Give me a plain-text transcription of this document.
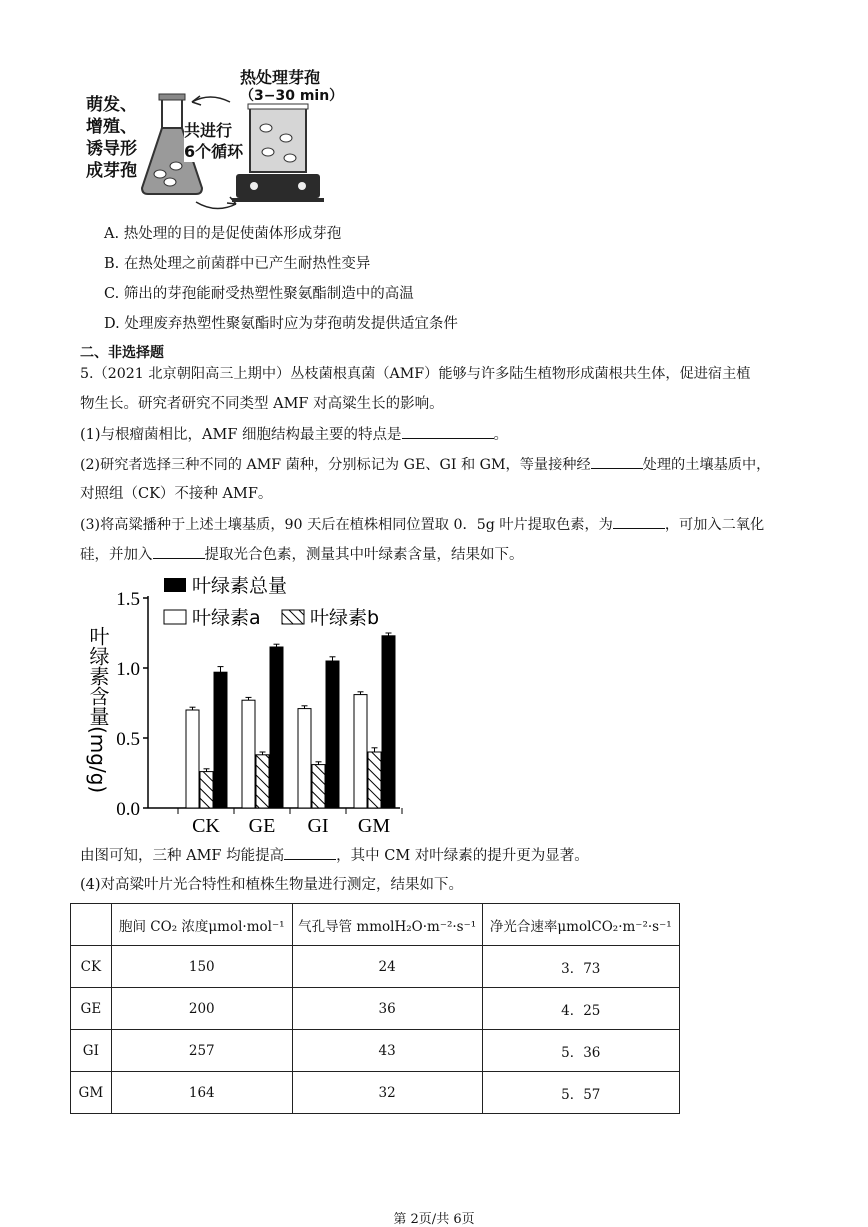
萌发、
增殖、
诱导形
成芽孢
热处理芽孢
（3−30 min）
共进行
6个循环
A. 热处理的目的是促使菌体形成芽孢
B. 在热处理之前菌群中已产生耐热性变异
C. 筛出的芽孢能耐受热塑性聚氨酯制造中的高温
D. 处理废弃热塑性聚氨酯时应为芽孢萌发提供适宜条件
二、非选择题
5.（2021 北京朝阳高三上期中）丛枝菌根真菌（AMF）能够与许多陆生植物形成菌根共生体，促进宿主植
物生长。研究者研究不同类型 AMF 对高粱生长的影响。
(1)与根瘤菌相比，AMF 细胞结构最主要的特点是	。
(2)研究者选择三种不同的 AMF 菌种，分别标记为 GE、GI 和 GM，等量接种经	处理的土壤基质中，
对照组（CK）不接种 AMF。
(3)将高粱播种于上述土壤基质，90 天后在植株相同位置取 0．5g 叶片提取色素，为	，可加入二氧化
硅，并加入	提取光合色素，测量其中叶绿素含量，结果如下。
0.0
0.5
1.0
1.5
叶绿素含量(mg/g)
CK GE GI GM
叶绿素总量
叶绿素a	叶绿素b
由图可知，三种 AMF 均能提高	，其中 CM 对叶绿素的提升更为显著。
(4)对高粱叶片光合特性和植株生物量进行测定，结果如下。
	胞间 CO₂ 浓度μmol·mol⁻¹	气孔导管 mmolH₂O·m⁻²·s⁻¹	净光合速率μmolCO₂·m⁻²·s⁻¹
CK	150	24	3．73
GE	200	36	4．25
GI	257	43	5．36
GM	164	32	5．57
第 2页/共 6页
